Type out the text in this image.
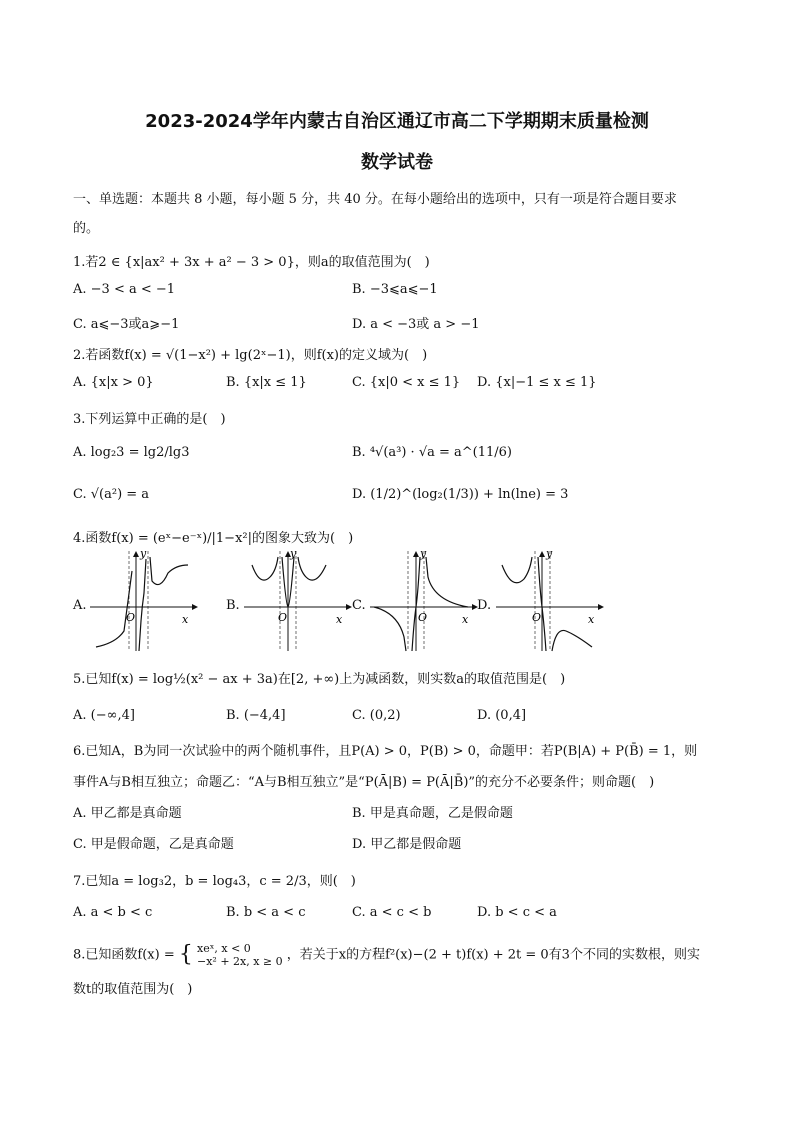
2023-2024学年内蒙古自治区通辽市高二下学期期末质量检测
数学试卷
一、单选题：本题共 8 小题，每小题 5 分，共 40 分。在每小题给出的选项中，只有一项是符合题目要求
的。
1.若2 ∈ {x|ax² + 3x + a² − 3 > 0}，则a的取值范围为(　)
A. −3 < a < −1	B. −3⩽a⩽−1
C. a⩽−3或a⩾−1	D. a < −3或 a > −1
2.若函数f(x) = √(1−x²) + lg(2ˣ−1)，则f(x)的定义域为(　)
A. {x|x > 0}	B. {x|x ≤ 1}	C. {x|0 < x ≤ 1} D. {x|−1 ≤ x ≤ 1}
3.下列运算中正确的是(　)
A. log₂3 = lg2/lg3	B. ⁴√(a³) · √a = a^(11/6)
C. √(a²) = a	D. (1/2)^(log₂(1/3)) + ln(lne) = 3
4.函数f(x) = (eˣ−e⁻ˣ)/|1−x²|的图象大致为(　)
A.
y
x
O
B.
y
x
O
C.
y
x
O
D.
y
x
O
5.已知f(x) = log½(x² − ax + 3a)在[2, +∞)上为减函数，则实数a的取值范围是(　)
A. (−∞,4]	B. (−4,4]	C. (0,2)	D. (0,4]
6.已知A，B为同一次试验中的两个随机事件，且P(A) > 0，P(B) > 0，命题甲：若P(B|A) + P(B̄) = 1，则
事件A与B相互独立；命题乙：“A与B相互独立”是“P(Ā|B) = P(Ā|B̄)”的充分不必要条件；则命题(　)
A. 甲乙都是真命题	B. 甲是真命题，乙是假命题
C. 甲是假命题，乙是真命题	D. 甲乙都是假命题
7.已知a = log₃2，b = log₄3，c = 2/3，则(　)
A. a < b < c	B. b < a < c	C. a < c < b	D. b < c < a
8.已知函数f(x) = { xeˣ, x < 0
−x² + 2x, x ≥ 0 ，若关于x的方程f²(x)−(2 + t)f(x) + 2t = 0有3个不同的实数根，则实
数t的取值范围为(　)
